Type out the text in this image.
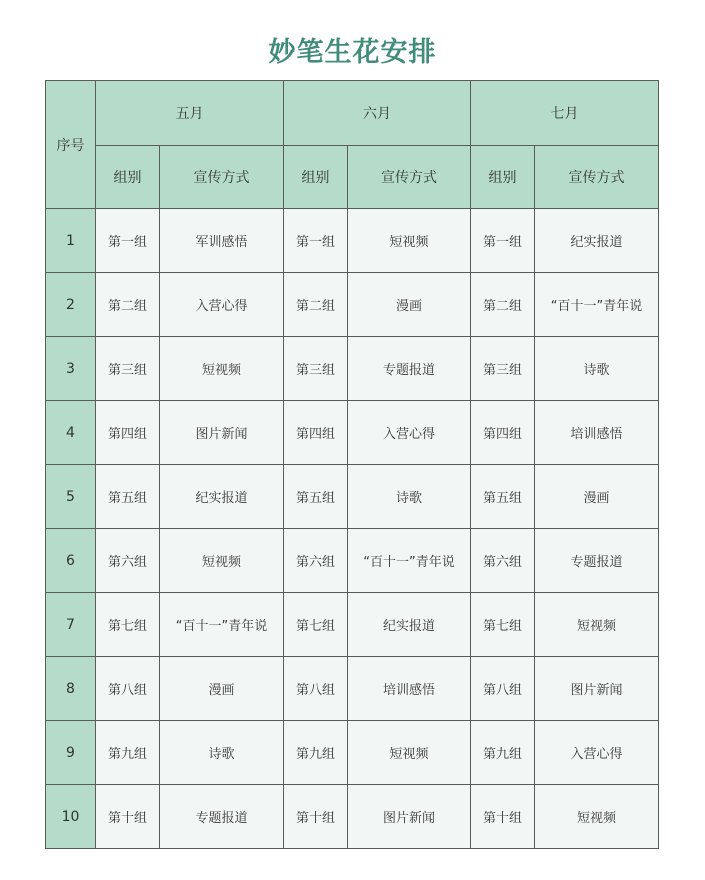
妙笔生花安排
序号	五月		六月		七月	
	组别	宣传方式	组别	宣传方式	组别	宣传方式
1	第一组	军训感悟	第一组	短视频	第一组	纪实报道
2	第二组	入营心得	第二组	漫画	第二组	“百十一”青年说
3	第三组	短视频	第三组	专题报道	第三组	诗歌
4	第四组	图片新闻	第四组	入营心得	第四组	培训感悟
5	第五组	纪实报道	第五组	诗歌	第五组	漫画
6	第六组	短视频	第六组	“百十一”青年说	第六组	专题报道
7	第七组	“百十一”青年说	第七组	纪实报道	第七组	短视频
8	第八组	漫画	第八组	培训感悟	第八组	图片新闻
9	第九组	诗歌	第九组	短视频	第九组	入营心得
10	第十组	专题报道	第十组	图片新闻	第十组	短视频
